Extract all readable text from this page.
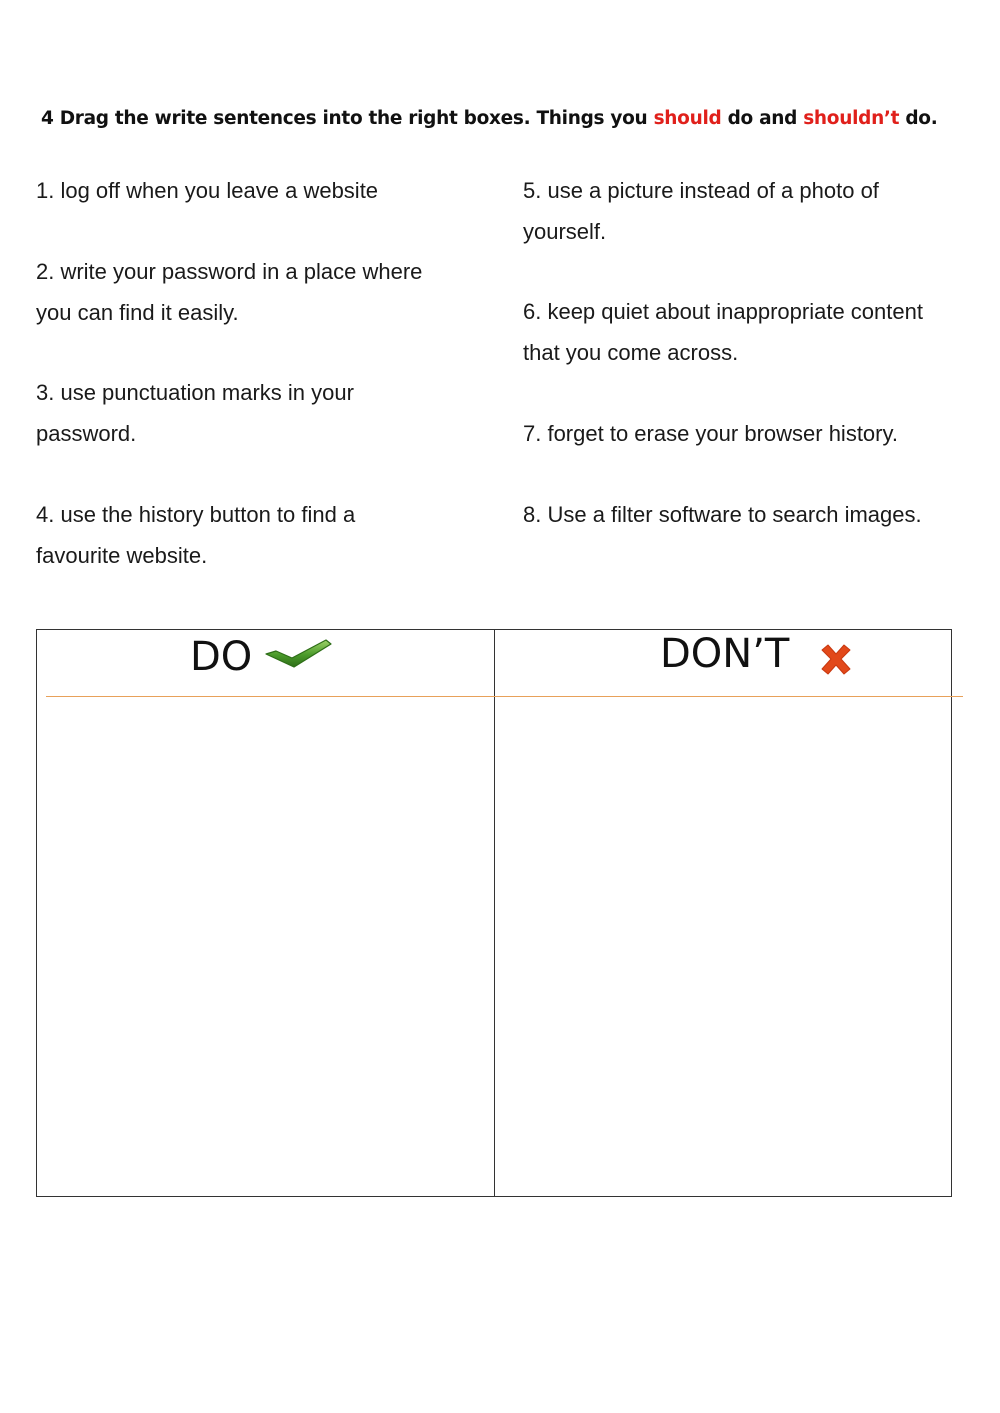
4 Drag the write sentences into the right boxes. Things you should do and shouldn’t do.
1. log off when you leave a website
2. write your password in a place where
you can find it easily.
3. use punctuation marks in your
password.
4. use the history button to find a
favourite website.
5. use a picture instead of a photo of
yourself.
6. keep quiet about inappropriate content
that you come across.
7. forget to erase your browser history.
8. Use a filter software to search images.
DO	DON’T
